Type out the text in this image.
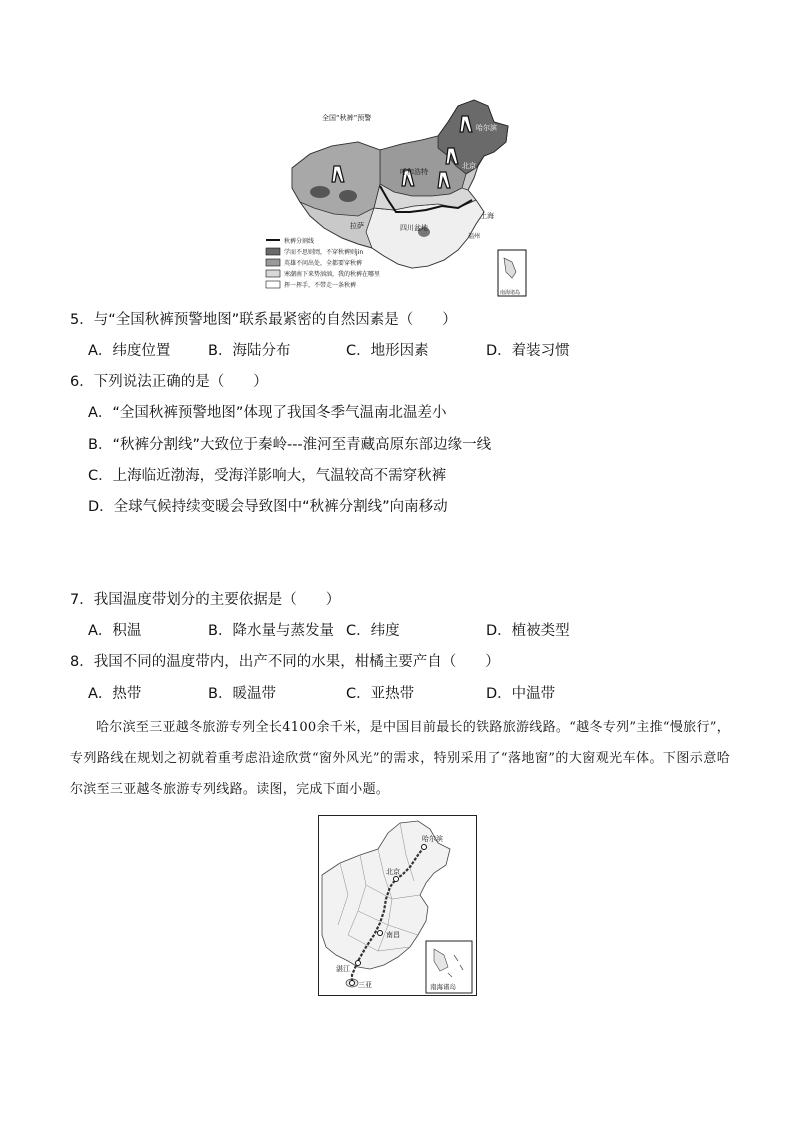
全国“秋裤”预警
哈尔滨
北京
呼和浩特
上海
拉萨	四川盆地
福州
秋裤分割线
学而不思则罔，不穿秋裤则jin
英雄不问出处，全都要穿秋裤
寒潮南下来势汹汹，我的秋裤在哪里
挥一挥手，不带走一条秋裤
南海诸岛
5．与“全国秋裤预警地图”联系最紧密的自然因素是（　　）
A．纬度位置	B．海陆分布	C．地形因素	D．着装习惯
6．下列说法正确的是（　　）
A．“全国秋裤预警地图”体现了我国冬季气温南北温差小
B．“秋裤分割线”大致位于秦岭---淮河至青藏高原东部边缘一线
C．上海临近渤海，受海洋影响大，气温较高不需穿秋裤
D．全球气候持续变暖会导致图中“秋裤分割线”向南移动
7．我国温度带划分的主要依据是（　　）
A．积温	B．降水量与蒸发量 C．纬度	D．植被类型
8．我国不同的温度带内，出产不同的水果，柑橘主要产自（　　）
A．热带	B．暖温带	C．亚热带	D．中温带

哈尔滨至三亚越冬旅游专列全长4100余千米，是中国目前最长的铁路旅游线路。“越冬专列”主推“慢旅行”，专列路线在规划之初就着重考虑沿途欣赏“窗外风光”的需求，特别采用了“落地窗”的大窗观光车体。下图示意哈尔滨至三亚越冬旅游专列线路。读图，完成下面小题。

哈尔滨
北京
南昌
湛江
三亚	南海诸岛
